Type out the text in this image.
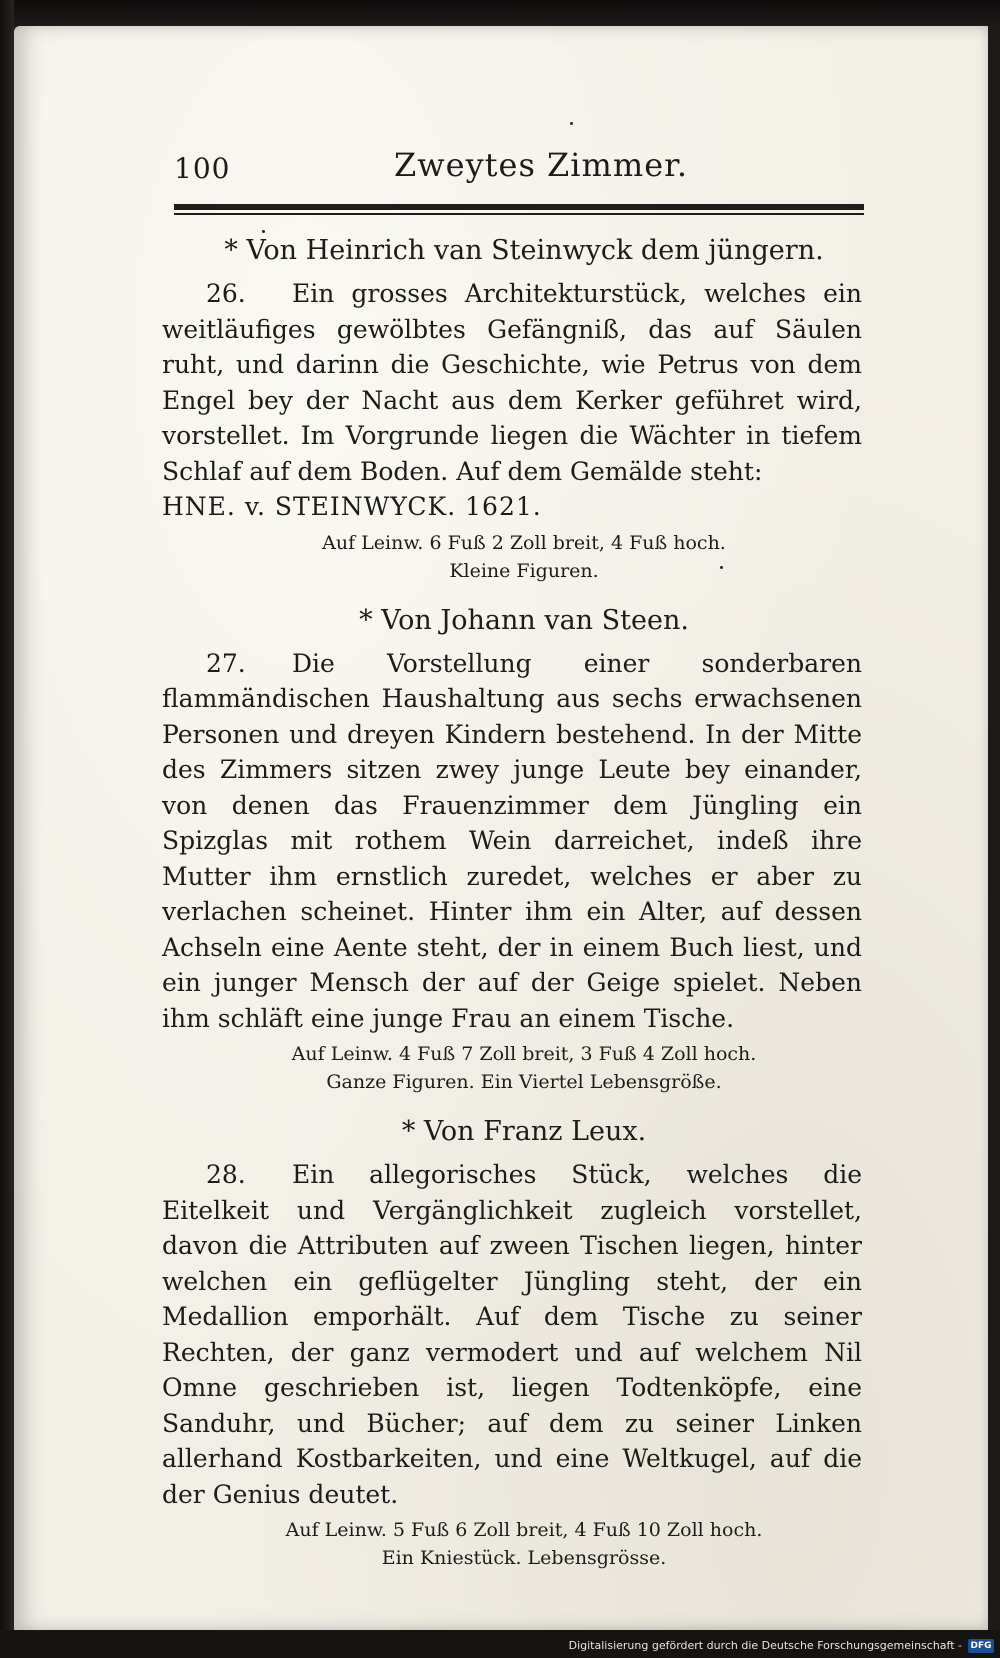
100	Zweytes Zimmer.
* Von Heinrich van Steinwyck dem jüngern.
26. Ein grosses Architekturstück, welches ein weitläufiges gewölbtes Gefängniß, das auf Säulen ruht, und darinn die Geschichte, wie Petrus von dem Engel bey der Nacht aus dem Kerker geführet wird, vorstellet. Im Vorgrunde liegen die Wächter in tiefem Schlaf auf dem Boden. Auf dem Gemälde steht:
HNE. v. STEINWYCK. 1621.
Auf Leinw. 6 Fuß 2 Zoll breit, 4 Fuß hoch.
Kleine Figuren.
* Von Johann van Steen.
27. Die Vorstellung einer sonderbaren flammändischen Haushaltung aus sechs erwachsenen Personen und dreyen Kindern bestehend. In der Mitte des Zimmers sitzen zwey junge Leute bey einander, von denen das Frauenzimmer dem Jüngling ein Spizglas mit rothem Wein darreichet, indeß ihre Mutter ihm ernstlich zuredet, welches er aber zu verlachen scheinet. Hinter ihm ein Alter, auf dessen Achseln eine Aente steht, der in einem Buch liest, und ein junger Mensch der auf der Geige spielet. Neben ihm schläft eine junge Frau an einem Tische.
Auf Leinw. 4 Fuß 7 Zoll breit, 3 Fuß 4 Zoll hoch.
Ganze Figuren. Ein Viertel Lebensgröße.
* Von Franz Leux.
28. Ein allegorisches Stück, welches die Eitelkeit und Vergänglichkeit zugleich vorstellet, davon die Attributen auf zween Tischen liegen, hinter welchen ein geflügelter Jüngling steht, der ein Medallion emporhält. Auf dem Tische zu seiner Rechten, der ganz vermodert und auf welchem Nil Omne geschrieben ist, liegen Todtenköpfe, eine Sanduhr, und Bücher; auf dem zu seiner Linken allerhand Kostbarkeiten, und eine Weltkugel, auf die der Genius deutet.
Auf Leinw. 5 Fuß 6 Zoll breit, 4 Fuß 10 Zoll hoch.
Ein Kniestück. Lebensgrösse.
Digitalisierung gefördert durch die Deutsche Forschungsgemeinschaft - DFG
